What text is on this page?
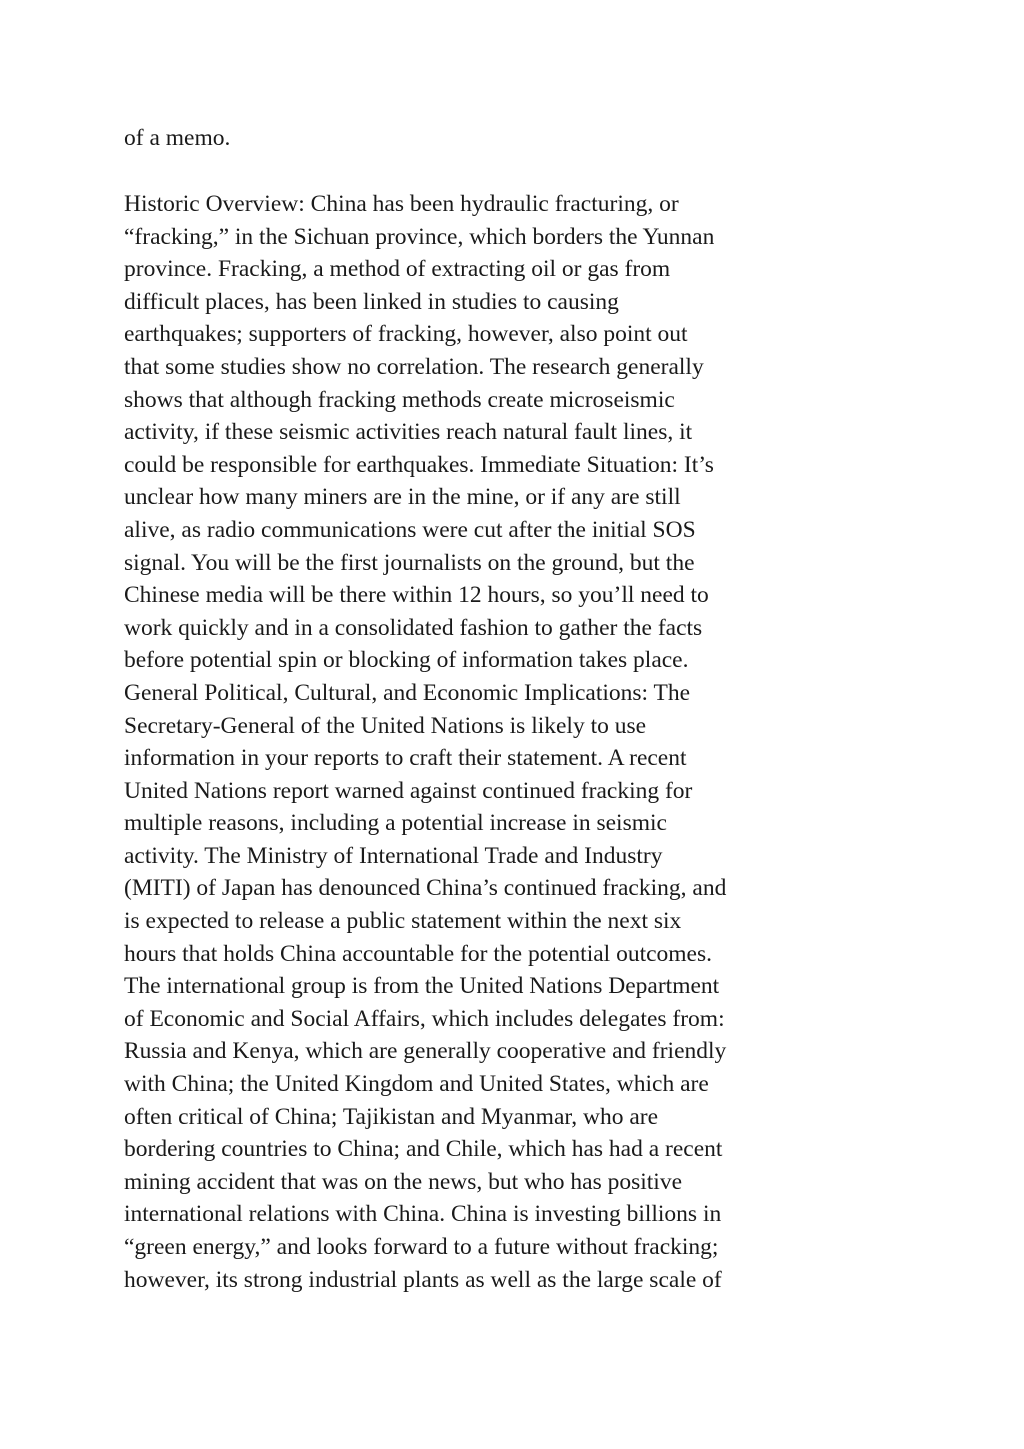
of a memo.
Historic Overview: China has been hydraulic fracturing, or
“fracking,” in the Sichuan province, which borders the Yunnan
province. Fracking, a method of extracting oil or gas from
difficult places, has been linked in studies to causing
earthquakes; supporters of fracking, however, also point out
that some studies show no correlation. The research generally
shows that although fracking methods create microseismic
activity, if these seismic activities reach natural fault lines, it
could be responsible for earthquakes. Immediate Situation: It’s
unclear how many miners are in the mine, or if any are still
alive, as radio communications were cut after the initial SOS
signal. You will be the first journalists on the ground, but the
Chinese media will be there within 12 hours, so you’ll need to
work quickly and in a consolidated fashion to gather the facts
before potential spin or blocking of information takes place.
General Political, Cultural, and Economic Implications: The
Secretary-General of the United Nations is likely to use
information in your reports to craft their statement. A recent
United Nations report warned against continued fracking for
multiple reasons, including a potential increase in seismic
activity. The Ministry of International Trade and Industry
(MITI) of Japan has denounced China’s continued fracking, and
is expected to release a public statement within the next six
hours that holds China accountable for the potential outcomes.
The international group is from the United Nations Department
of Economic and Social Affairs, which includes delegates from:
Russia and Kenya, which are generally cooperative and friendly
with China; the United Kingdom and United States, which are
often critical of China; Tajikistan and Myanmar, who are
bordering countries to China; and Chile, which has had a recent
mining accident that was on the news, but who has positive
international relations with China. China is investing billions in
“green energy,” and looks forward to a future without fracking;
however, its strong industrial plants as well as the large scale of
